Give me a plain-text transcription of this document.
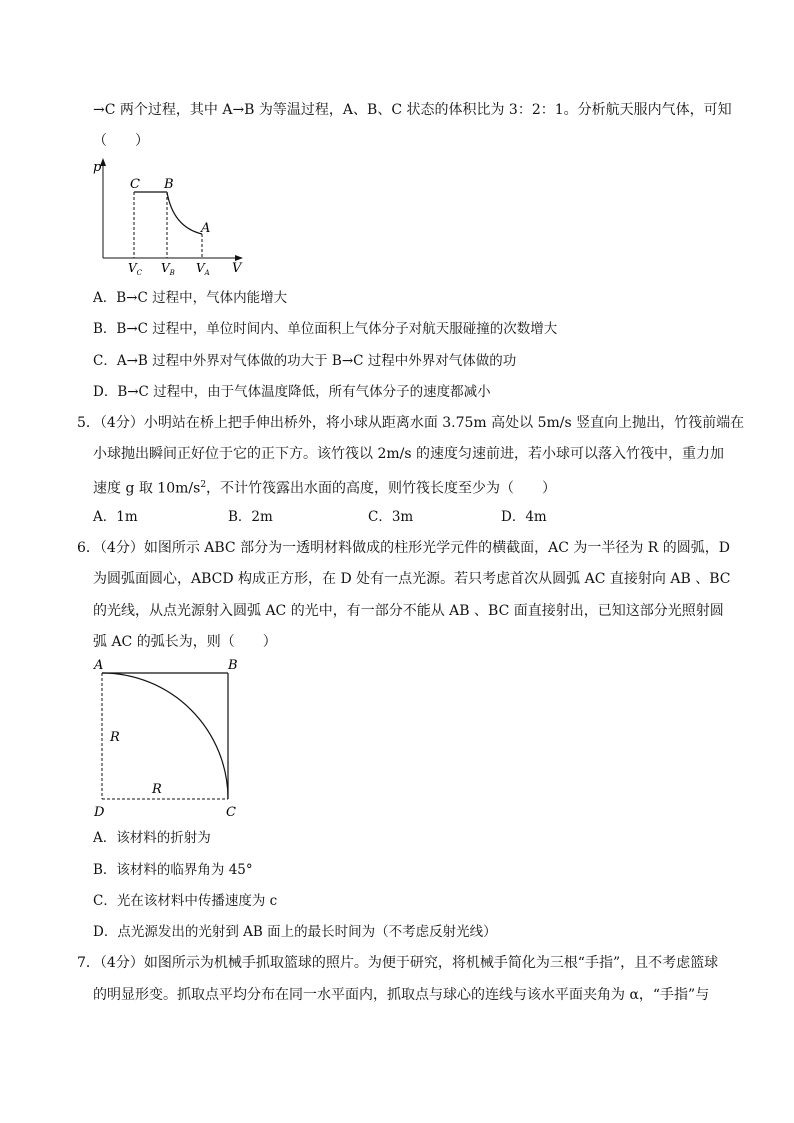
→C 两个过程，其中 A→B 为等温过程，A、B、C 状态的体积比为 3：2：1。分析航天服内气体，可知
（　　）
p
V
C B
A
$V_C$ $V_B$ $V_A$
A．B→C 过程中，气体内能增大
B．B→C 过程中，单位时间内、单位面积上气体分子对航天服碰撞的次数增大
C．A→B 过程中外界对气体做的功大于 B→C 过程中外界对气体做的功
D．B→C 过程中，由于气体温度降低，所有气体分子的速度都减小
5．（4分）小明站在桥上把手伸出桥外，将小球从距离水面 3.75m 高处以 5m/s 竖直向上抛出，竹筏前端在
小球抛出瞬间正好位于它的正下方。该竹筏以 2m/s 的速度匀速前进，若小球可以落入竹筏中，重力加
速度 g 取 $10m/s^2$，不计竹筏露出水面的高度，则竹筏长度至少为（　　）
A．1m	B．2m	C．3m	D．4m
6．（4分）如图所示 ABC 部分为一透明材料做成的柱形光学元件的横截面，AC 为一半径为 R 的圆弧，D
为圆弧面圆心，ABCD 构成正方形，在 D 处有一点光源。若只考虑首次从圆弧 AC 直接射向 AB 、BC
的光线，从点光源射入圆弧 AC 的光中，有一部分不能从 AB 、BC 面直接射出，已知这部分光照射圆
弧 AC 的弧长为，则（　　）
A	B
C
D
R
R
A．该材料的折射为
B．该材料的临界角为 45°
C．光在该材料中传播速度为 c
D．点光源发出的光射到 AB 面上的最长时间为（不考虑反射光线）
7．（4分）如图所示为机械手抓取篮球的照片。为便于研究，将机械手简化为三根“手指”，且不考虑篮球
的明显形变。抓取点平均分布在同一水平面内，抓取点与球心的连线与该水平面夹角为 α，“手指”与
